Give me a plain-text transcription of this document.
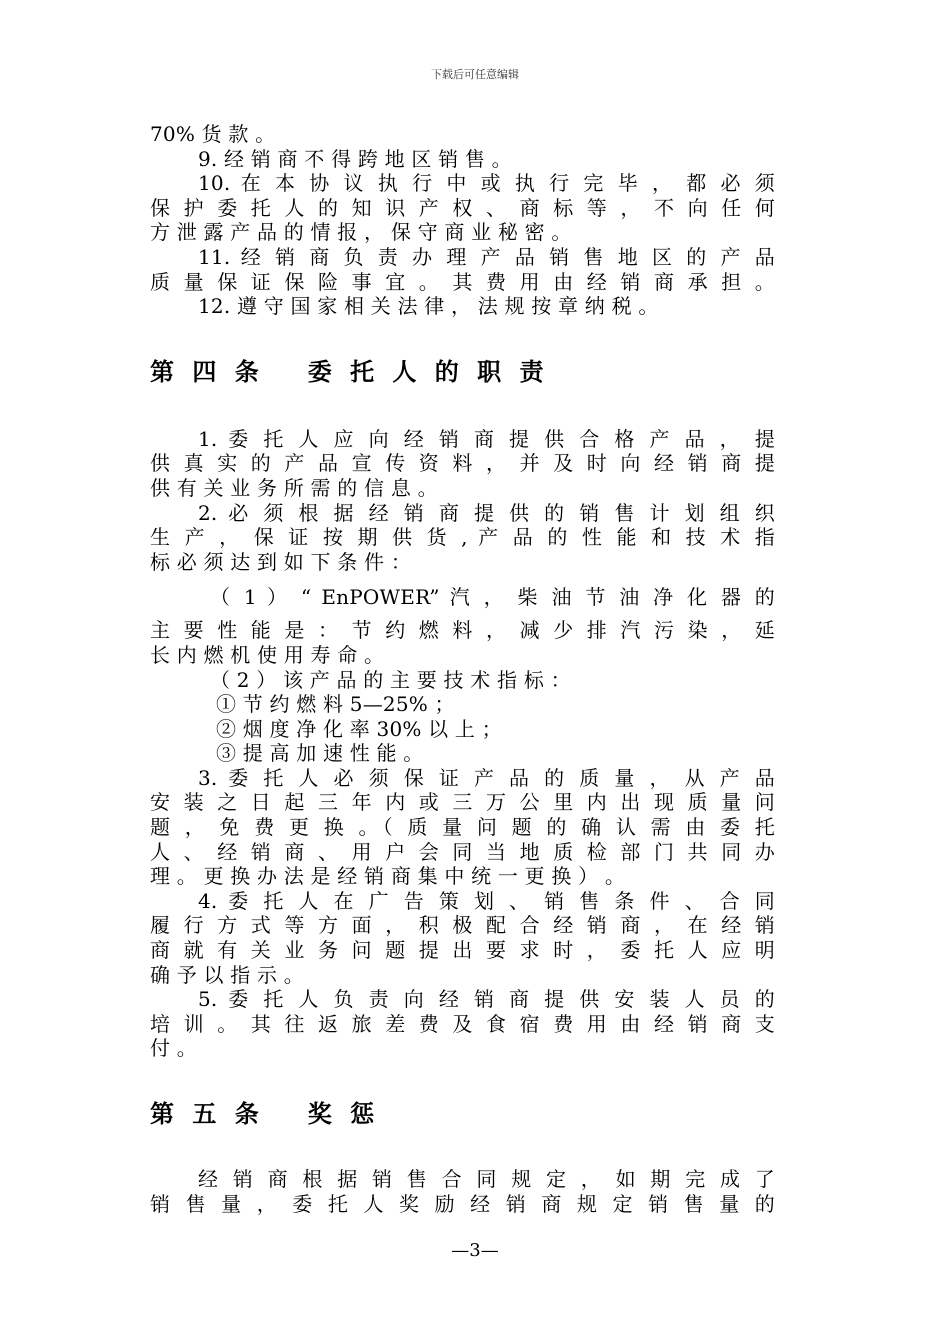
下载后可任意编辑
70% 货 款 。
9. 经 销 商 不 得 跨 地 区 销 售 。
10. 在 本 协 议 执 行 中 或 执 行 完 毕 ， 都 必 须
保 护 委 托 人 的 知 识 产 权 、 商 标 等 ， 不 向 任 何
方 泄 露 产 品 的 情 报 ， 保 守 商 业 秘 密 。
11. 经 销 商 负 责 办 理 产 品 销 售 地 区 的 产 品
质 量 保 证 保 险 事 宜 。 其 费 用 由 经 销 商 承 担 。
12. 遵 守 国 家 相 关 法 律 ， 法 规 按 章 纳 税 。
第 四 条 委 托 人 的 职 责
1. 委 托 人 应 向 经 销 商 提 供 合 格 产 品 ， 提
供 真 实 的 产 品 宣 传 资 料 ， 并 及 时 向 经 销 商 提
供 有 关 业 务 所 需 的 信 息 。
2. 必 须 根 据 经 销 商 提 供 的 销 售 计 划 组 织
生 产 ， 保 证 按 期 供 货 , 产 品 的 性 能 和 技 术 指
标 必 须 达 到 如 下 条 件 ：
（ 1 ） “ EnPOWER” 汽 ， 柴 油 节 油 净 化 器 的
主 要 性 能 是 ： 节 约 燃 料 ， 减 少 排 汽 污 染 ， 延
长 内 燃 机 使 用 寿 命 。
（ 2 ） 该 产 品 的 主 要 技 术 指 标 ：
① 节 约 燃 料 5—25% ；
② 烟 度 净 化 率 30% 以 上 ；
③ 提 高 加 速 性 能 。
3. 委 托 人 必 须 保 证 产 品 的 质 量 ， 从 产 品
安 装 之 日 起 三 年 内 或 三 万 公 里 内 出 现 质 量 问
题 ， 免 费 更 换 。（ 质 量 问 题 的 确 认 需 由 委 托
人 、 经 销 商 、 用 户 会 同 当 地 质 检 部 门 共 同 办
理 。 更 换 办 法 是 经 销 商 集 中 统 一 更 换 ） 。
4. 委 托 人 在 广 告 策 划 、 销 售 条 件 、 合 同
履 行 方 式 等 方 面 ， 积 极 配 合 经 销 商 ， 在 经 销
商 就 有 关 业 务 问 题 提 出 要 求 时 ， 委 托 人 应 明
确 予 以 指 示 。
5. 委 托 人 负 责 向 经 销 商 提 供 安 装 人 员 的
培 训 。 其 往 返 旅 差 费 及 食 宿 费 用 由 经 销 商 支
付 。
第 五 条 奖 惩
经 销 商 根 据 销 售 合 同 规 定 ， 如 期 完 成 了
销 售 量 ， 委 托 人 奖 励 经 销 商 规 定 销 售 量 的
—3—
